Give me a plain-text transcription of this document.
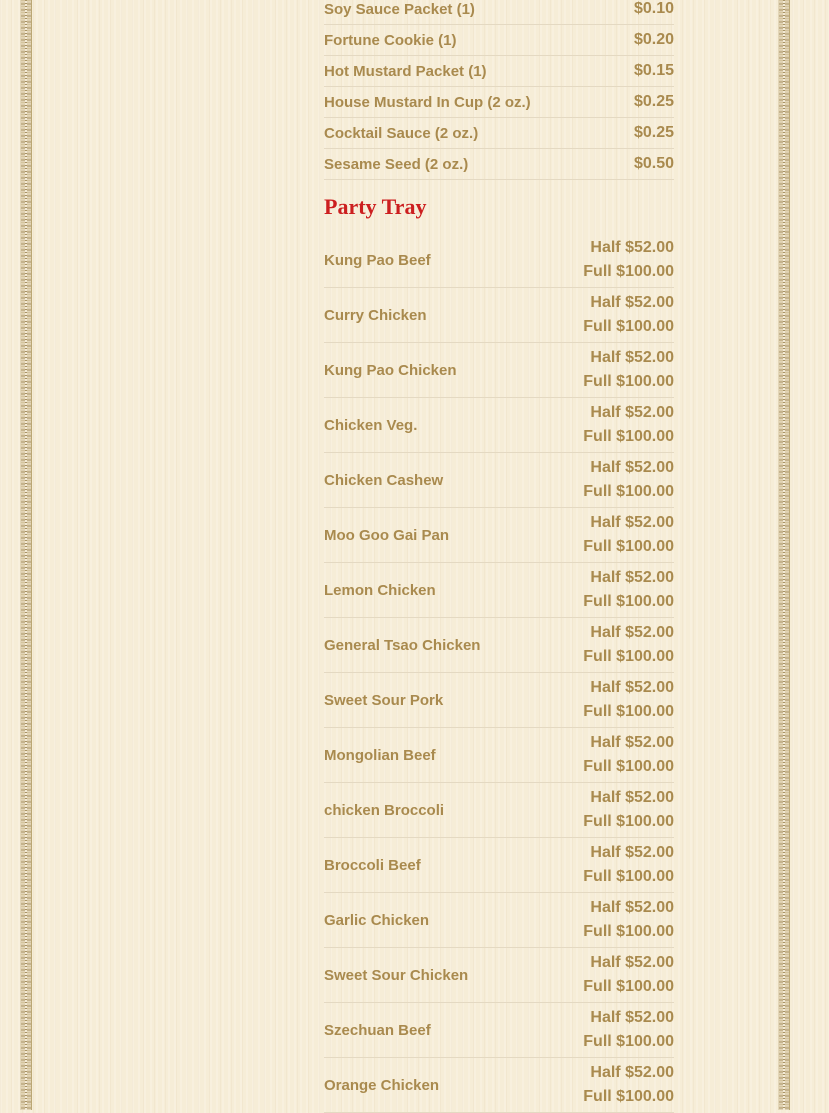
Soy Sauce Packet (1)	$0.10
Fortune Cookie (1)	$0.20
Hot Mustard Packet (1)	$0.15
House Mustard In Cup (2 oz.)	$0.25
Cocktail Sauce (2 oz.)	$0.25
Sesame Seed (2 oz.)	$0.50
Party Tray
Kung Pao Beef
Half $52.00
Full $100.00
Curry Chicken
Half $52.00
Full $100.00
Kung Pao Chicken
Half $52.00
Full $100.00
Chicken Veg.
Half $52.00
Full $100.00
Chicken Cashew
Half $52.00
Full $100.00
Moo Goo Gai Pan
Half $52.00
Full $100.00
Lemon Chicken
Half $52.00
Full $100.00
General Tsao Chicken
Half $52.00
Full $100.00
Sweet Sour Pork
Half $52.00
Full $100.00
Mongolian Beef
Half $52.00
Full $100.00
chicken Broccoli
Half $52.00
Full $100.00
Broccoli Beef
Half $52.00
Full $100.00
Garlic Chicken
Half $52.00
Full $100.00
Sweet Sour Chicken
Half $52.00
Full $100.00
Szechuan Beef
Half $52.00
Full $100.00
Orange Chicken
Half $52.00
Full $100.00
